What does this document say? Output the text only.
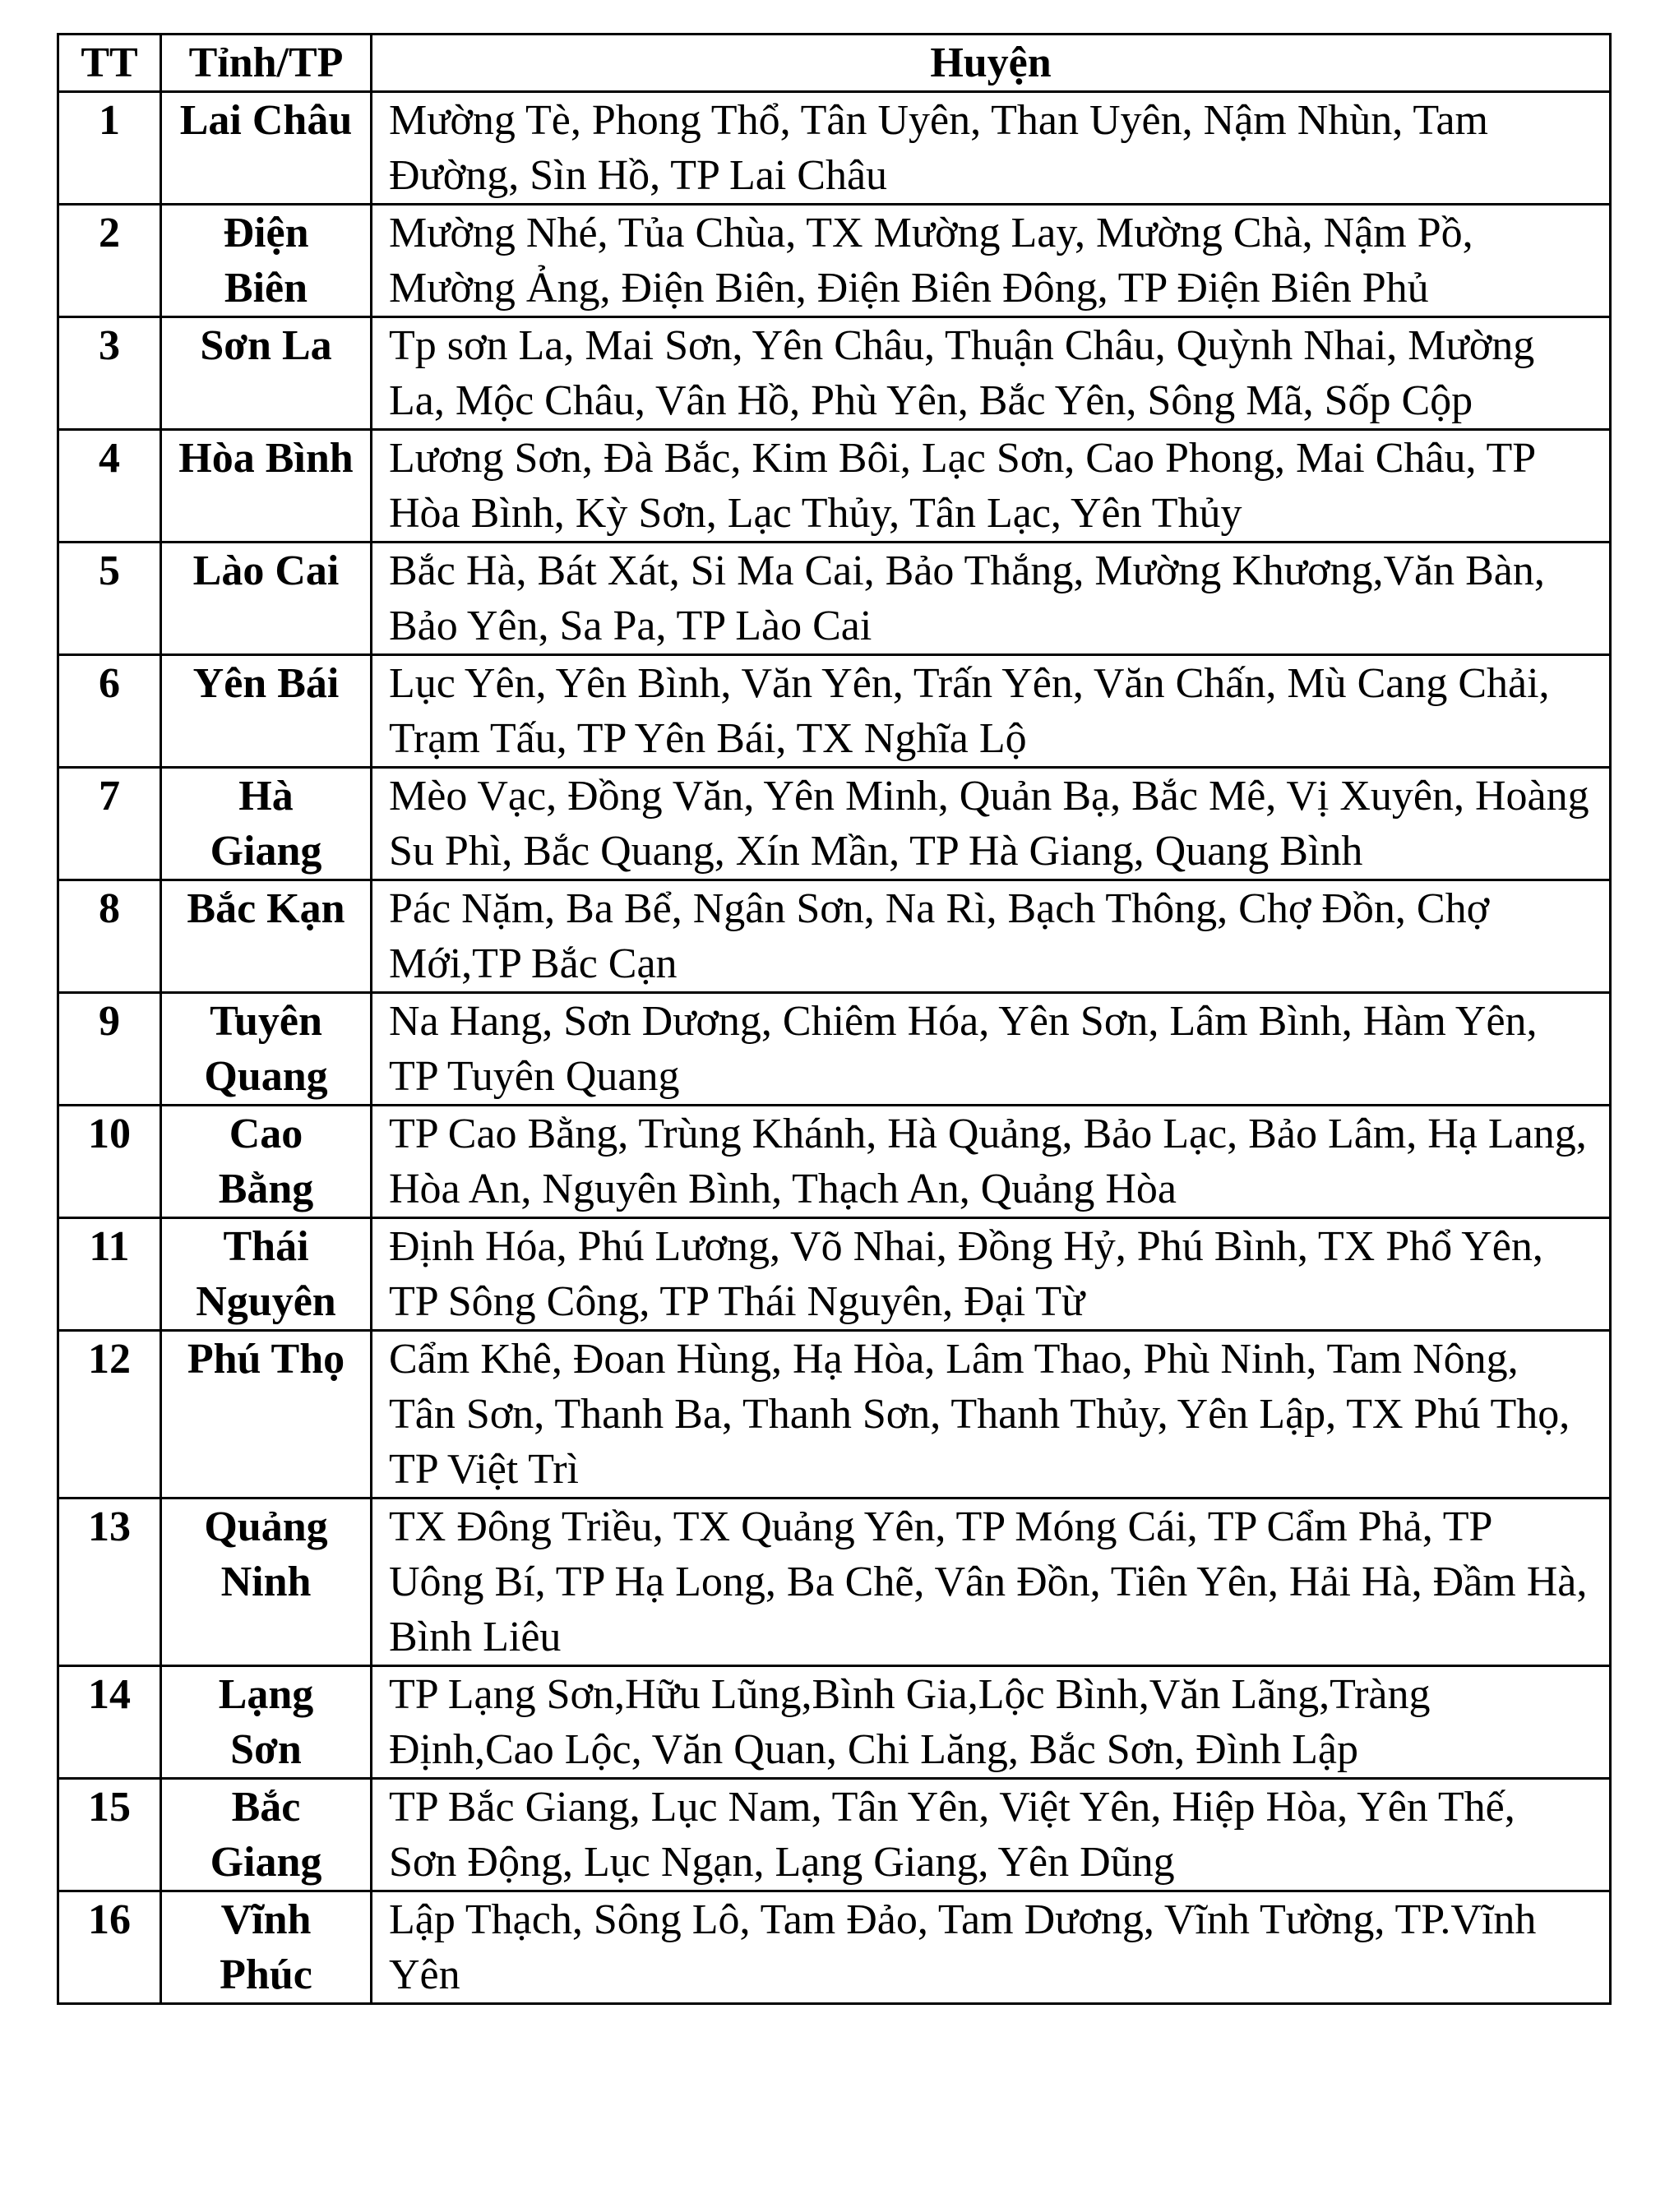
TT	Tỉnh/TP	Huyện
1	Lai Châu	Mường Tè, Phong Thổ, Tân Uyên, Than Uyên, Nậm Nhùn, Tam Đường, Sìn Hồ, TP Lai Châu
2	Điện Biên	Mường Nhé, Tủa Chùa, TX Mường Lay, Mường Chà, Nậm Pồ, Mường Ảng, Điện Biên, Điện Biên Đông, TP Điện Biên Phủ
3	Sơn La	Tp sơn La, Mai Sơn, Yên Châu, Thuận Châu, Quỳnh Nhai, Mường La, Mộc Châu, Vân Hồ, Phù Yên, Bắc Yên, Sông Mã, Sốp Cộp
4	Hòa Bình	Lương Sơn, Đà Bắc, Kim Bôi, Lạc Sơn, Cao Phong, Mai Châu, TP Hòa Bình, Kỳ Sơn, Lạc Thủy, Tân Lạc, Yên Thủy
5	Lào Cai	Bắc Hà, Bát Xát, Si Ma Cai, Bảo Thắng, Mường Khương,Văn Bàn, Bảo Yên, Sa Pa, TP Lào Cai
6	Yên Bái	Lục Yên, Yên Bình, Văn Yên, Trấn Yên, Văn Chấn, Mù Cang Chải, Trạm Tấu, TP Yên Bái, TX Nghĩa Lộ
7	Hà Giang	Mèo Vạc, Đồng Văn, Yên Minh, Quản Bạ, Bắc Mê, Vị Xuyên, Hoàng Su Phì, Bắc Quang, Xín Mần, TP Hà Giang, Quang Bình
8	Bắc Kạn	Pác Nặm, Ba Bể, Ngân Sơn, Na Rì, Bạch Thông, Chợ Đồn, Chợ Mới,TP Bắc Cạn
9	Tuyên Quang	Na Hang, Sơn Dương, Chiêm Hóa, Yên Sơn, Lâm Bình, Hàm Yên, TP Tuyên Quang
10	Cao Bằng	TP Cao Bằng, Trùng Khánh, Hà Quảng, Bảo Lạc, Bảo Lâm, Hạ Lang, Hòa An, Nguyên Bình, Thạch An, Quảng Hòa
11	Thái Nguyên	Định Hóa, Phú Lương, Võ Nhai, Đồng Hỷ, Phú Bình, TX Phổ Yên, TP Sông Công, TP Thái Nguyên, Đại Từ
12	Phú Thọ	Cẩm Khê, Đoan Hùng, Hạ Hòa, Lâm Thao, Phù Ninh, Tam Nông, Tân Sơn, Thanh Ba, Thanh Sơn, Thanh Thủy, Yên Lập, TX Phú Thọ, TP Việt Trì
13	Quảng Ninh	TX Đông Triều, TX Quảng Yên, TP Móng Cái, TP Cẩm Phả, TP Uông Bí, TP Hạ Long, Ba Chẽ, Vân Đồn, Tiên Yên, Hải Hà, Đầm Hà, Bình Liêu
14	Lạng Sơn	TP Lạng Sơn,Hữu Lũng,Bình Gia,Lộc Bình,Văn Lãng,Tràng Định,Cao Lộc, Văn Quan, Chi Lăng, Bắc Sơn, Đình Lập
15	Bắc Giang	TP Bắc Giang, Lục Nam, Tân Yên, Việt Yên, Hiệp Hòa, Yên Thế, Sơn Động, Lục Ngạn, Lạng Giang, Yên Dũng
16	Vĩnh Phúc	Lập Thạch, Sông Lô, Tam Đảo, Tam Dương, Vĩnh Tường, TP.Vĩnh Yên
